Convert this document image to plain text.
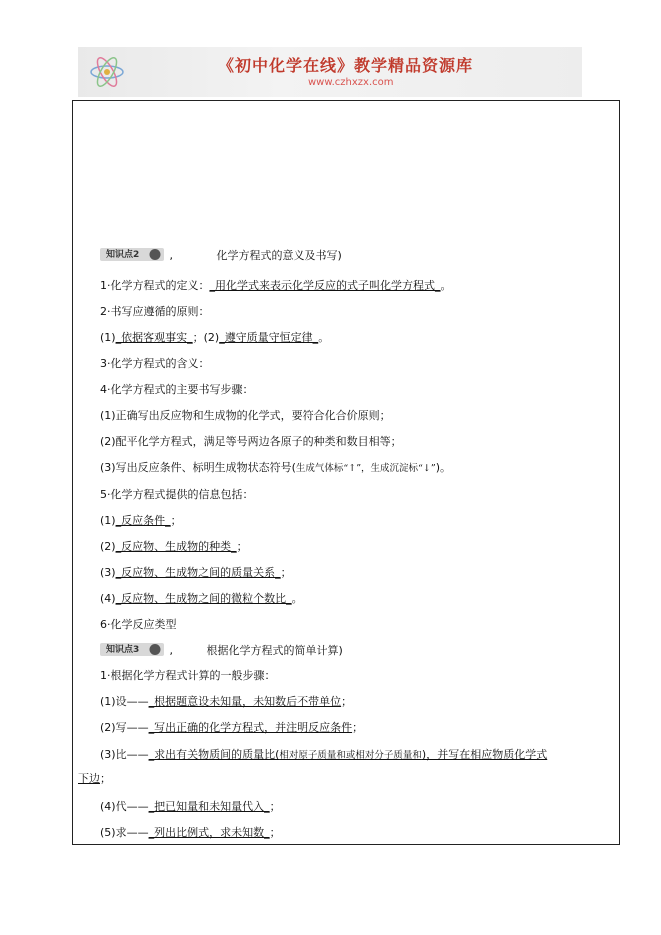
《初中化学在线》教学精品资源库
www.czhxzx.com

知识点2	,	化学方程式的意义及书写)
1·化学方程式的定义：_用化学式来表示化学反应的式子叫化学方程式_。
2·书写应遵循的原则：
(1)_依据客观事实_；(2)_遵守质量守恒定律_。
3·化学方程式的含义：
4·化学方程式的主要书写步骤：
(1)正确写出反应物和生成物的化学式，要符合化合价原则；
(2)配平化学方程式，满足等号两边各原子的种类和数目相等；
(3)写出反应条件、标明生成物状态符号(生成气体标“↑”，生成沉淀标“↓”)。
5·化学方程式提供的信息包括：
(1)_反应条件_；
(2)_反应物、生成物的种类_；
(3)_反应物、生成物之间的质量关系_；
(4)_反应物、生成物之间的微粒个数比_。
6·化学反应类型

知识点3	,	根据化学方程式的简单计算)
1·根据化学方程式计算的一般步骤：
(1)设——_根据题意设未知量，未知数后不带单位；
(2)写——_写出正确的化学方程式，并注明反应条件；
(3)比——_求出有关物质间的质量比(相对原子质量和或相对分子质量和)，并写在相应物质化学式
下边；
(4)代——_把已知量和未知量代入_；
(5)求——_列出比例式，求未知数_；
